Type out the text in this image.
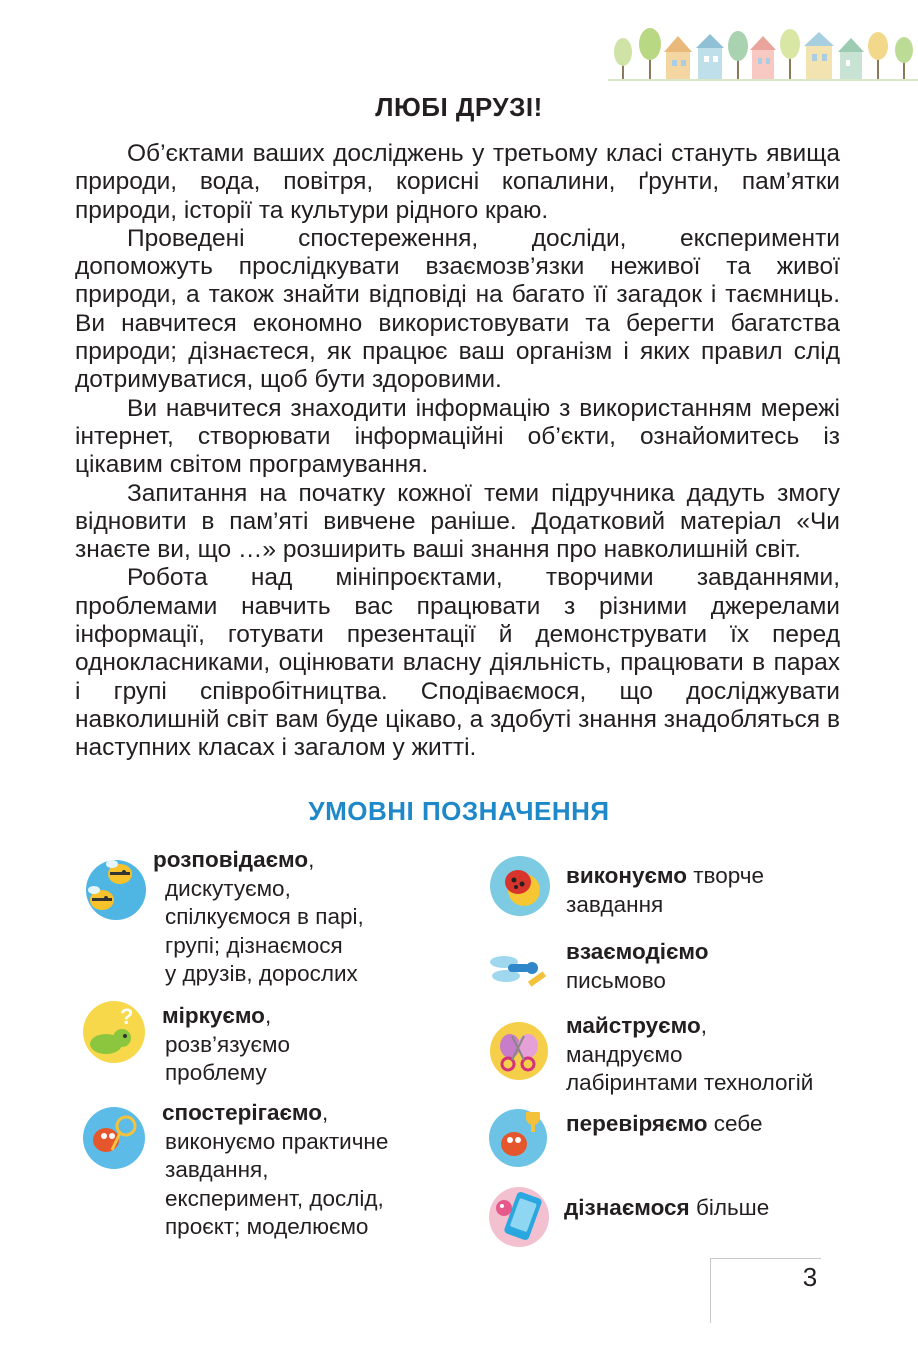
ЛЮБІ ДРУЗІ!

Об’єктами ваших досліджень у третьому класі стануть явища природи, вода, повітря, корисні копалини, ґрунти, пам’ятки природи, історії та культури рідного краю.

Проведені спостереження, досліди, експерименти допоможуть прослідкувати взаємозв’язки неживої та живої природи, а також знайти відповіді на багато її загадок і таємниць. Ви навчитеся економно використовувати та берегти багатства природи; дізнаєтеся, як працює ваш організм і яких правил слід дотримуватися, щоб бути здоровими.

Ви навчитеся знаходити інформацію з використанням мережі інтернет, створювати інформаційні об’єкти, ознайомитесь із цікавим світом програмування.

Запитання на початку кожної теми підручника дадуть змогу відновити в пам’яті вивчене раніше. Додатковий матеріал «Чи знаєте ви, що …» розширить ваші знання про навколишній світ.

Робота над мініпроєктами, творчими завданнями, проблемами навчить вас працювати з різними джерелами інформації, готувати презентації й демонструвати їх перед однокласниками, оцінювати власну діяльність, працювати в парах і групі співробітництва. Сподіваємося, що досліджувати навколишній світ вам буде цікаво, а здобуті знання знадобляться в наступних класах і загалом у житті.

УМОВНІ ПОЗНАЧЕННЯ
?
розповідаємо,
дискутуємо,
спілкуємося в парі,
групі; дізнаємося
у друзів, дорослих
міркуємо,
розв’язуємо
проблему
спостерігаємо,
виконуємо практичне
завдання,
експеримент, дослід,
проєкт; моделюємо
виконуємо творче
завдання
взаємодіємо
письмово
майструємо,
мандруємо
лабіринтами технологій
перевіряємо себе
дізнаємося більше
3
